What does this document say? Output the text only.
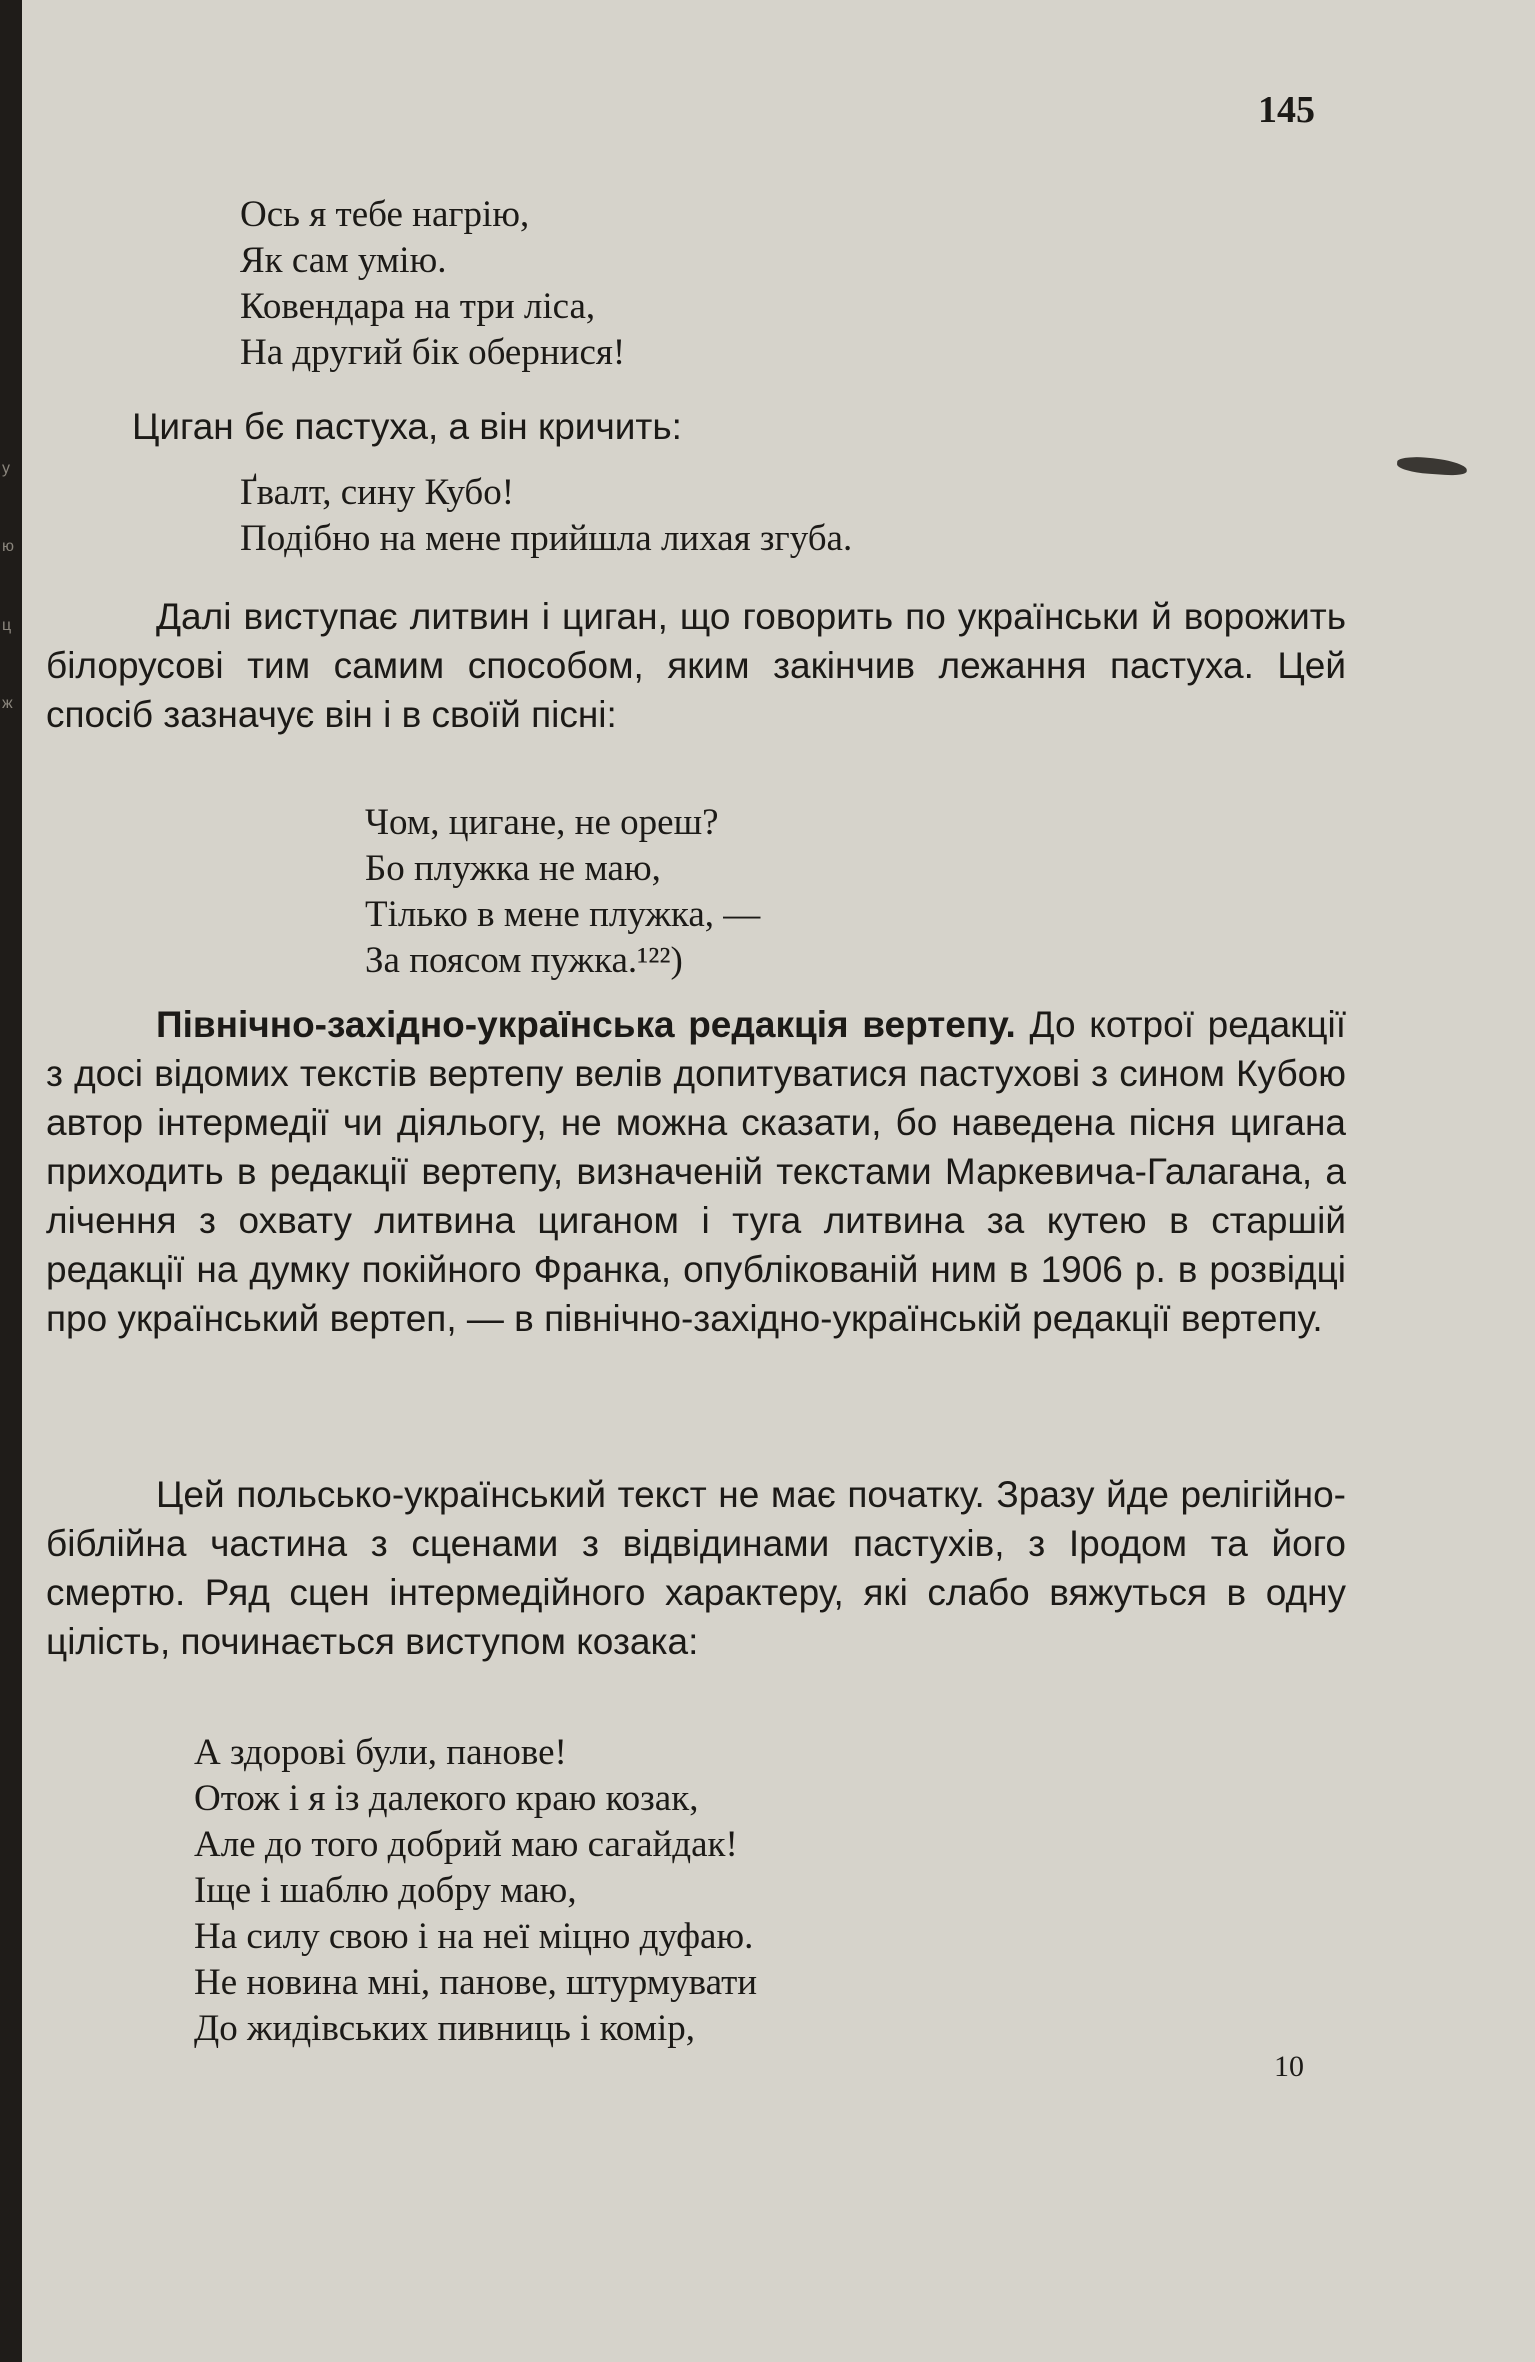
у
ю
ц
ж
145
Ось я тебе нагрію,
Як сам умію.
Ковендара на три ліса,
На другий бік обернися!

Циган бє пастуха, а він кричить:

Ґвалт, сину Кубо!
Подібно на мене прийшла лихая згуба.

Далі виступає литвин і циган, що говорить по українськи й ворожить білорусові тим самим способом, яким закінчив лежання пастуха. Цей спосіб зазначує він і в своїй пісні:

Чом, цигане, не ореш?
Бо плужка не маю,
Тілько в мене плужка, —
За поясом пужка.¹²²)

Північно-західно-українська редакція вертепу. До котрої редакції з досі відомих текстів вертепу велів допитуватися пастухові з сином Кубою автор інтермедії чи діяльогу, не можна сказати, бо наведена пісня цигана приходить в редакції вертепу, визначеній текстами Маркевича-Галагана, а лічення з охвату литвина циганом і туга литвина за кутею в старшій редакції на думку покійного Франка, опублікованій ним в 1906 р. в розвідці про український вертеп, — в північно-західно-українській редакції вертепу.

Цей польсько-український текст не має початку. Зразу йде релігійно-біблійна частина з сценами з відвідинами пастухів, з Іродом та його смертю. Ряд сцен інтермедійного характеру, які слабо вяжуться в одну цілість, починається виступом козака:

А здорові були, панове!
Отож і я із далекого краю козак,
Але до того добрий маю сагайдак!
Іще і шаблю добру маю,
На силу свою і на неї міцно дуфаю.
Не новина мні, панове, штурмувати
До жидівських пивниць і комір,
10
